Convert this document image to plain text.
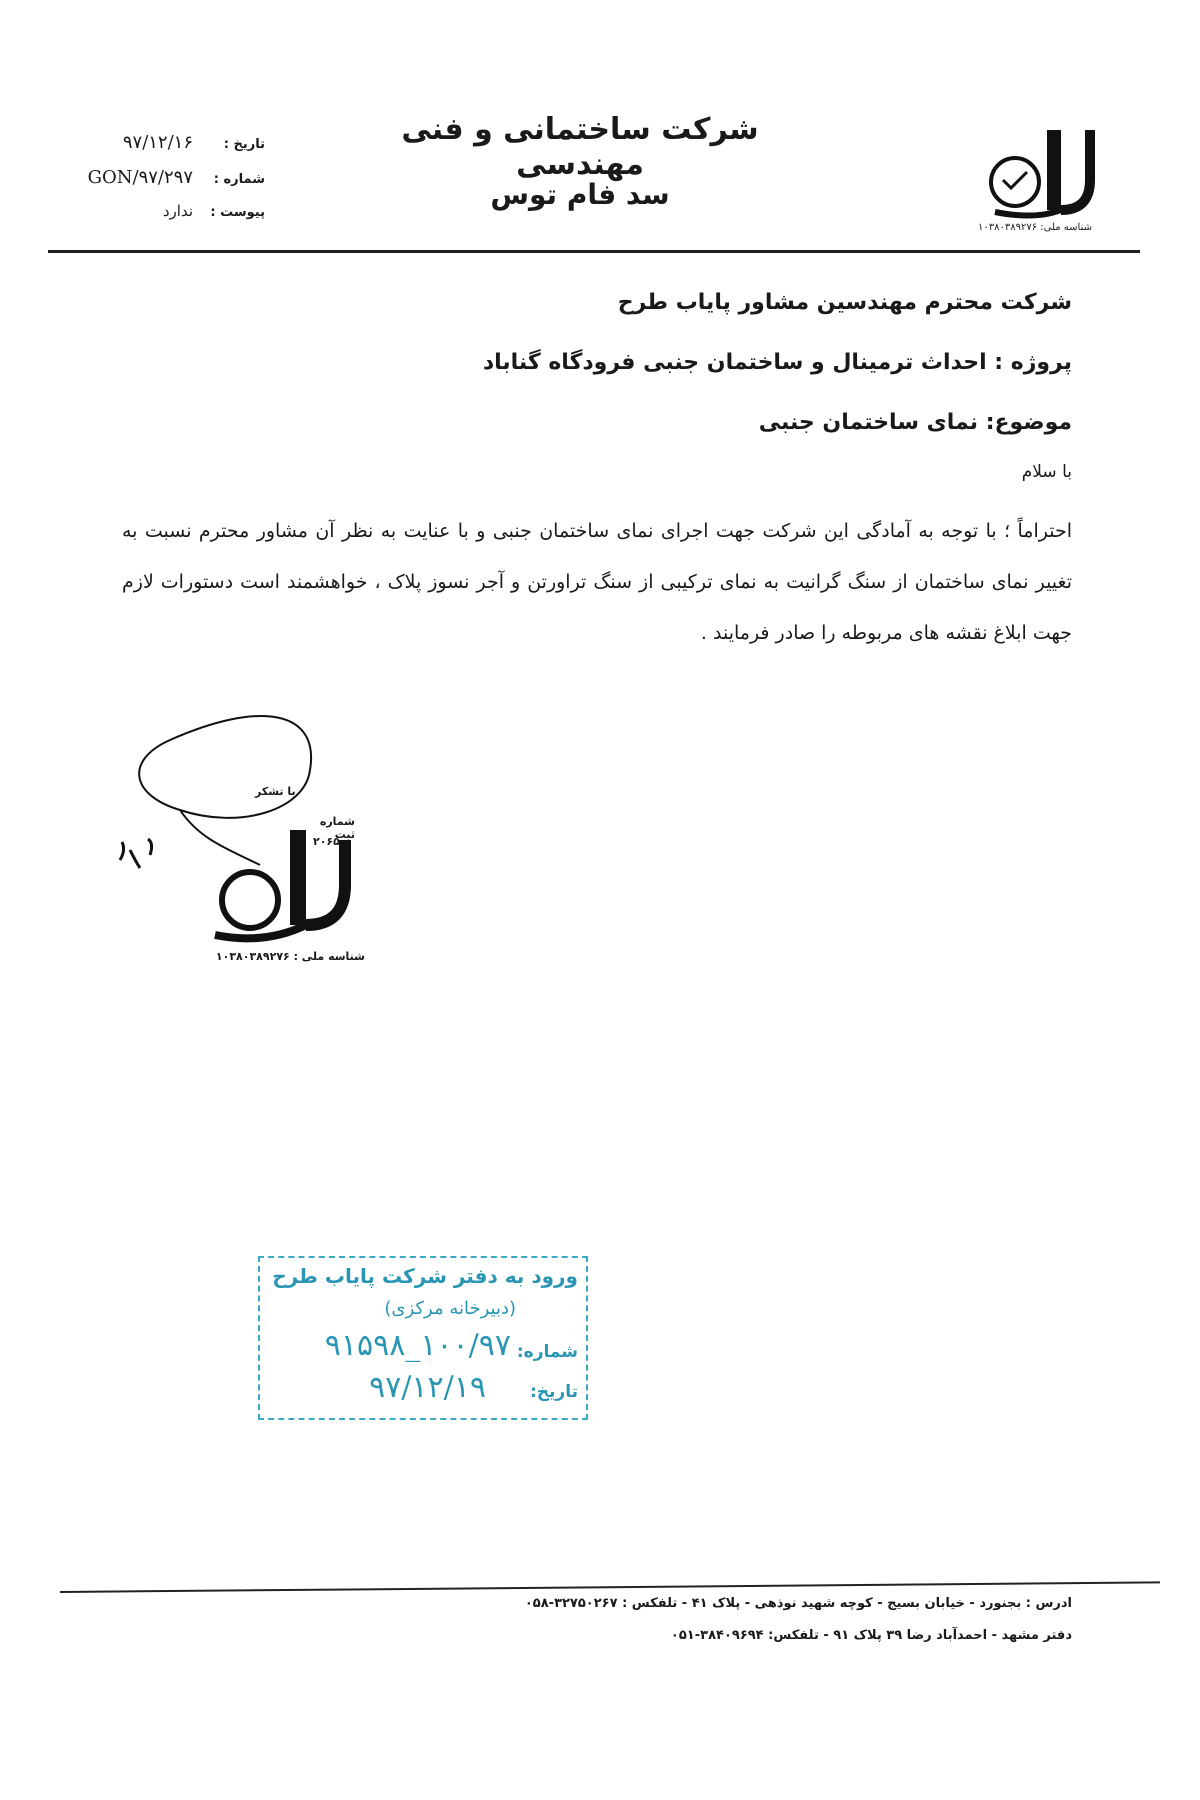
شرکت ساختمانی و فنی مهندسی
سد فام توس
۹۷/۱۲/۱۶	تاریخ :
GON/۹۷/۲۹۷	شماره :
ندارد پیوست :
شناسه ملی: ۱۰۳۸۰۳۸۹۲۷۶
شرکت محترم مهندسین مشاور پایاب طرح
پروژه : احداث ترمینال و ساختمان جنبی فرودگاه گناباد
موضوع: نمای ساختمان جنبی
با سلام
احتراماً ؛ با توجه به آمادگی این شرکت جهت اجرای نمای ساختمان جنبی و با عنایت به نظر آن مشاور محترم نسبت به تغییر نمای ساختمان از سنگ گرانیت به نمای ترکیبی از سنگ تراورتن و آجر نسوز پلاک ، خواهشمند است دستورات لازم جهت ابلاغ نقشه های مربوطه را صادر فرمایند .
با تشکر
شماره ثبت
۲۰۶۵
شناسه ملی : ۱۰۳۸۰۳۸۹۲۷۶
ورود به دفتر شرکت پایاب طرح
(دبیرخانه مرکزی)
شماره:
۱۰۰/۹۷_۹۱۵۹۸
تاریخ:
۹۷/۱۲/۱۹
ادرس : بجنورد - خیابان بسیج - کوچه شهید نوذهی - پلاک ۴۱ - تلفکس : ۳۲۷۵۰۲۶۷-۰۵۸
دفتر مشهد - احمدآباد رضا ۳۹ پلاک ۹۱ - تلفکس: ۳۸۴۰۹۶۹۴-۰۵۱
